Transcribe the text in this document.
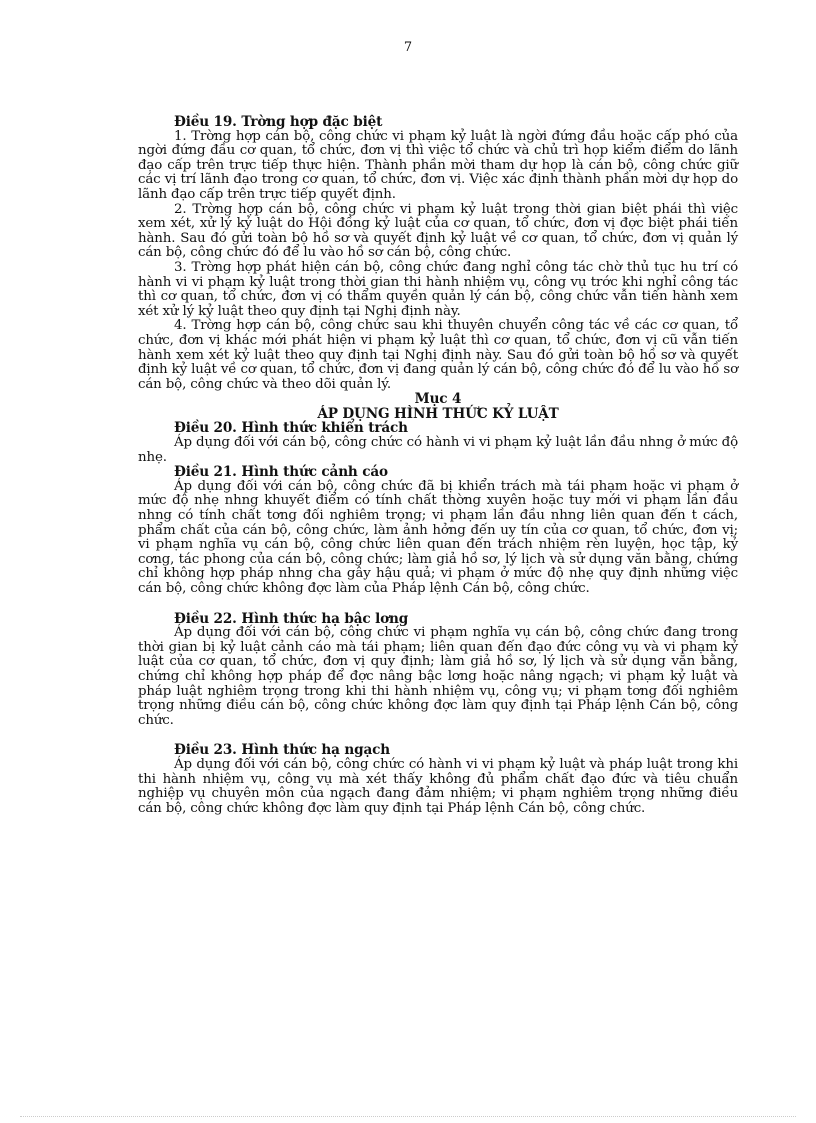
7

Điều 19. Trờng hợp đặc biệt

1. Trờng hợp cán bộ, công chức vi phạm kỷ luật là ngời đứng đầu hoặc cấp phó của ngời đứng đầu cơ quan, tổ chức, đơn vị thì việc tổ chức và chủ trì họp kiểm điểm do lãnh đạo cấp trên trực tiếp thực hiện. Thành phần mời tham dự họp là cán bộ, công chức giữ các vị trí lãnh đạo trong cơ quan, tổ chức, đơn vị. Việc xác định thành phần mời dự họp do lãnh đạo cấp trên trực tiếp quyết định.

2. Trờng hợp cán bộ, công chức vi phạm kỷ luật trong thời gian biệt phái thì việc xem xét, xử lý kỷ luật do Hội đồng kỷ luật của cơ quan, tổ chức, đơn vị đợc biệt phái tiến hành. Sau đó gửi toàn bộ hồ sơ và quyết định kỷ luật về cơ quan, tổ chức, đơn vị quản lý cán bộ, công chức đó để lu vào hồ sơ cán bộ, công chức.

3. Trờng hợp phát hiện cán bộ, công chức đang nghỉ công tác chờ thủ tục hu trí có hành vi vi phạm kỷ luật trong thời gian thi hành nhiệm vụ, công vụ trớc khi nghỉ công tác thì cơ quan, tổ chức, đơn vị có thẩm quyền quản lý cán bộ, công chức vẫn tiến hành xem xét xử lý kỷ luật theo quy định tại Nghị định này.

4. Trờng hợp cán bộ, công chức sau khi thuyên chuyển công tác về các cơ quan, tổ chức, đơn vị khác mới phát hiện vi phạm kỷ luật thì cơ quan, tổ chức, đơn vị cũ vẫn tiến hành xem xét kỷ luật theo quy định tại Nghị định này. Sau đó gửi toàn bộ hồ sơ và quyết định kỷ luật về cơ quan, tổ chức, đơn vị đang quản lý cán bộ, công chức đó để lu vào hồ sơ cán bộ, công chức và theo dõi quản lý.

Mục 4

ÁP DỤNG HÌNH THỨC KỶ LUẬT

Điều 20. Hình thức khiển trách

Áp dụng đối với cán bộ, công chức có hành vi vi phạm kỷ luật lần đầu nhng ở mức độ nhẹ.

Điều 21. Hình thức cảnh cáo

Áp dụng đối với cán bộ, công chức đã bị khiển trách mà tái phạm hoặc vi phạm ở mức độ nhẹ nhng khuyết điểm có tính chất thờng xuyên hoặc tuy mới vi phạm lần đầu nhng có tính chất tơng đối nghiêm trọng; vi phạm lần đầu nhng liên quan đến t cách, phẩm chất của cán bộ, công chức, làm ảnh hởng đến uy tín của cơ quan, tổ chức, đơn vị; vi phạm nghĩa vụ cán bộ, công chức liên quan đến trách nhiệm rèn luyện, học tập, kỷ cơng, tác phong của cán bộ, công chức; làm giả hồ sơ, lý lịch và sử dụng văn bằng, chứng chỉ không hợp pháp nhng cha gây hậu quả; vi phạm ở mức độ nhẹ quy định những việc cán bộ, công chức không đợc làm của Pháp lệnh Cán bộ, công chức.

Điều 22. Hình thức hạ bậc lơng

Áp dụng đối với cán bộ, công chức vi phạm nghĩa vụ cán bộ, công chức đang trong thời gian bị kỷ luật cảnh cáo mà tái phạm; liên quan đến đạo đức công vụ và vi phạm kỷ luật của cơ quan, tổ chức, đơn vị quy định; làm giả hồ sơ, lý lịch và sử dụng văn bằng, chứng chỉ không hợp pháp để đợc nâng bậc lơng hoặc nâng ngạch; vi phạm kỷ luật và pháp luật nghiêm trọng trong khi thi hành nhiệm vụ, công vụ; vi phạm tơng đối nghiêm trọng những điều cán bộ, công chức không đợc làm quy định tại Pháp lệnh Cán bộ, công chức.

Điều 23. Hình thức hạ ngạch

Áp dụng đối với cán bộ, công chức có hành vi vi phạm kỷ luật và pháp luật trong khi thi hành nhiệm vụ, công vụ mà xét thấy không đủ phẩm chất đạo đức và tiêu chuẩn nghiệp vụ chuyên môn của ngạch đang đảm nhiệm; vi phạm nghiêm trọng những điều cán bộ, công chức không đợc làm quy định tại Pháp lệnh Cán bộ, công chức.
